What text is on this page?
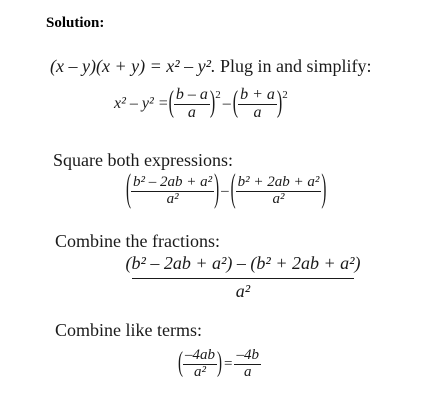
Solution:
(x – y)(x + y) = x² – y². Plug in and simplify:
x² – y² = ( $\frac{b - a}{a} )^2$ – ( $\frac{b + a}{a} )^2$
Square both expressions:
( $\frac{\text{b² – 2ab + a²}}{\text{a²}}$ ) – ( $\frac{\text{b² + 2ab + a²}}{\text{a²}}$ )
Combine the fractions:
(b² – 2ab + a²) – (b² + 2ab + a²)
a²
Combine like terms:
( $\frac{-4ab}{\text{a²}}$ ) = $\frac{-4b}{a}$
